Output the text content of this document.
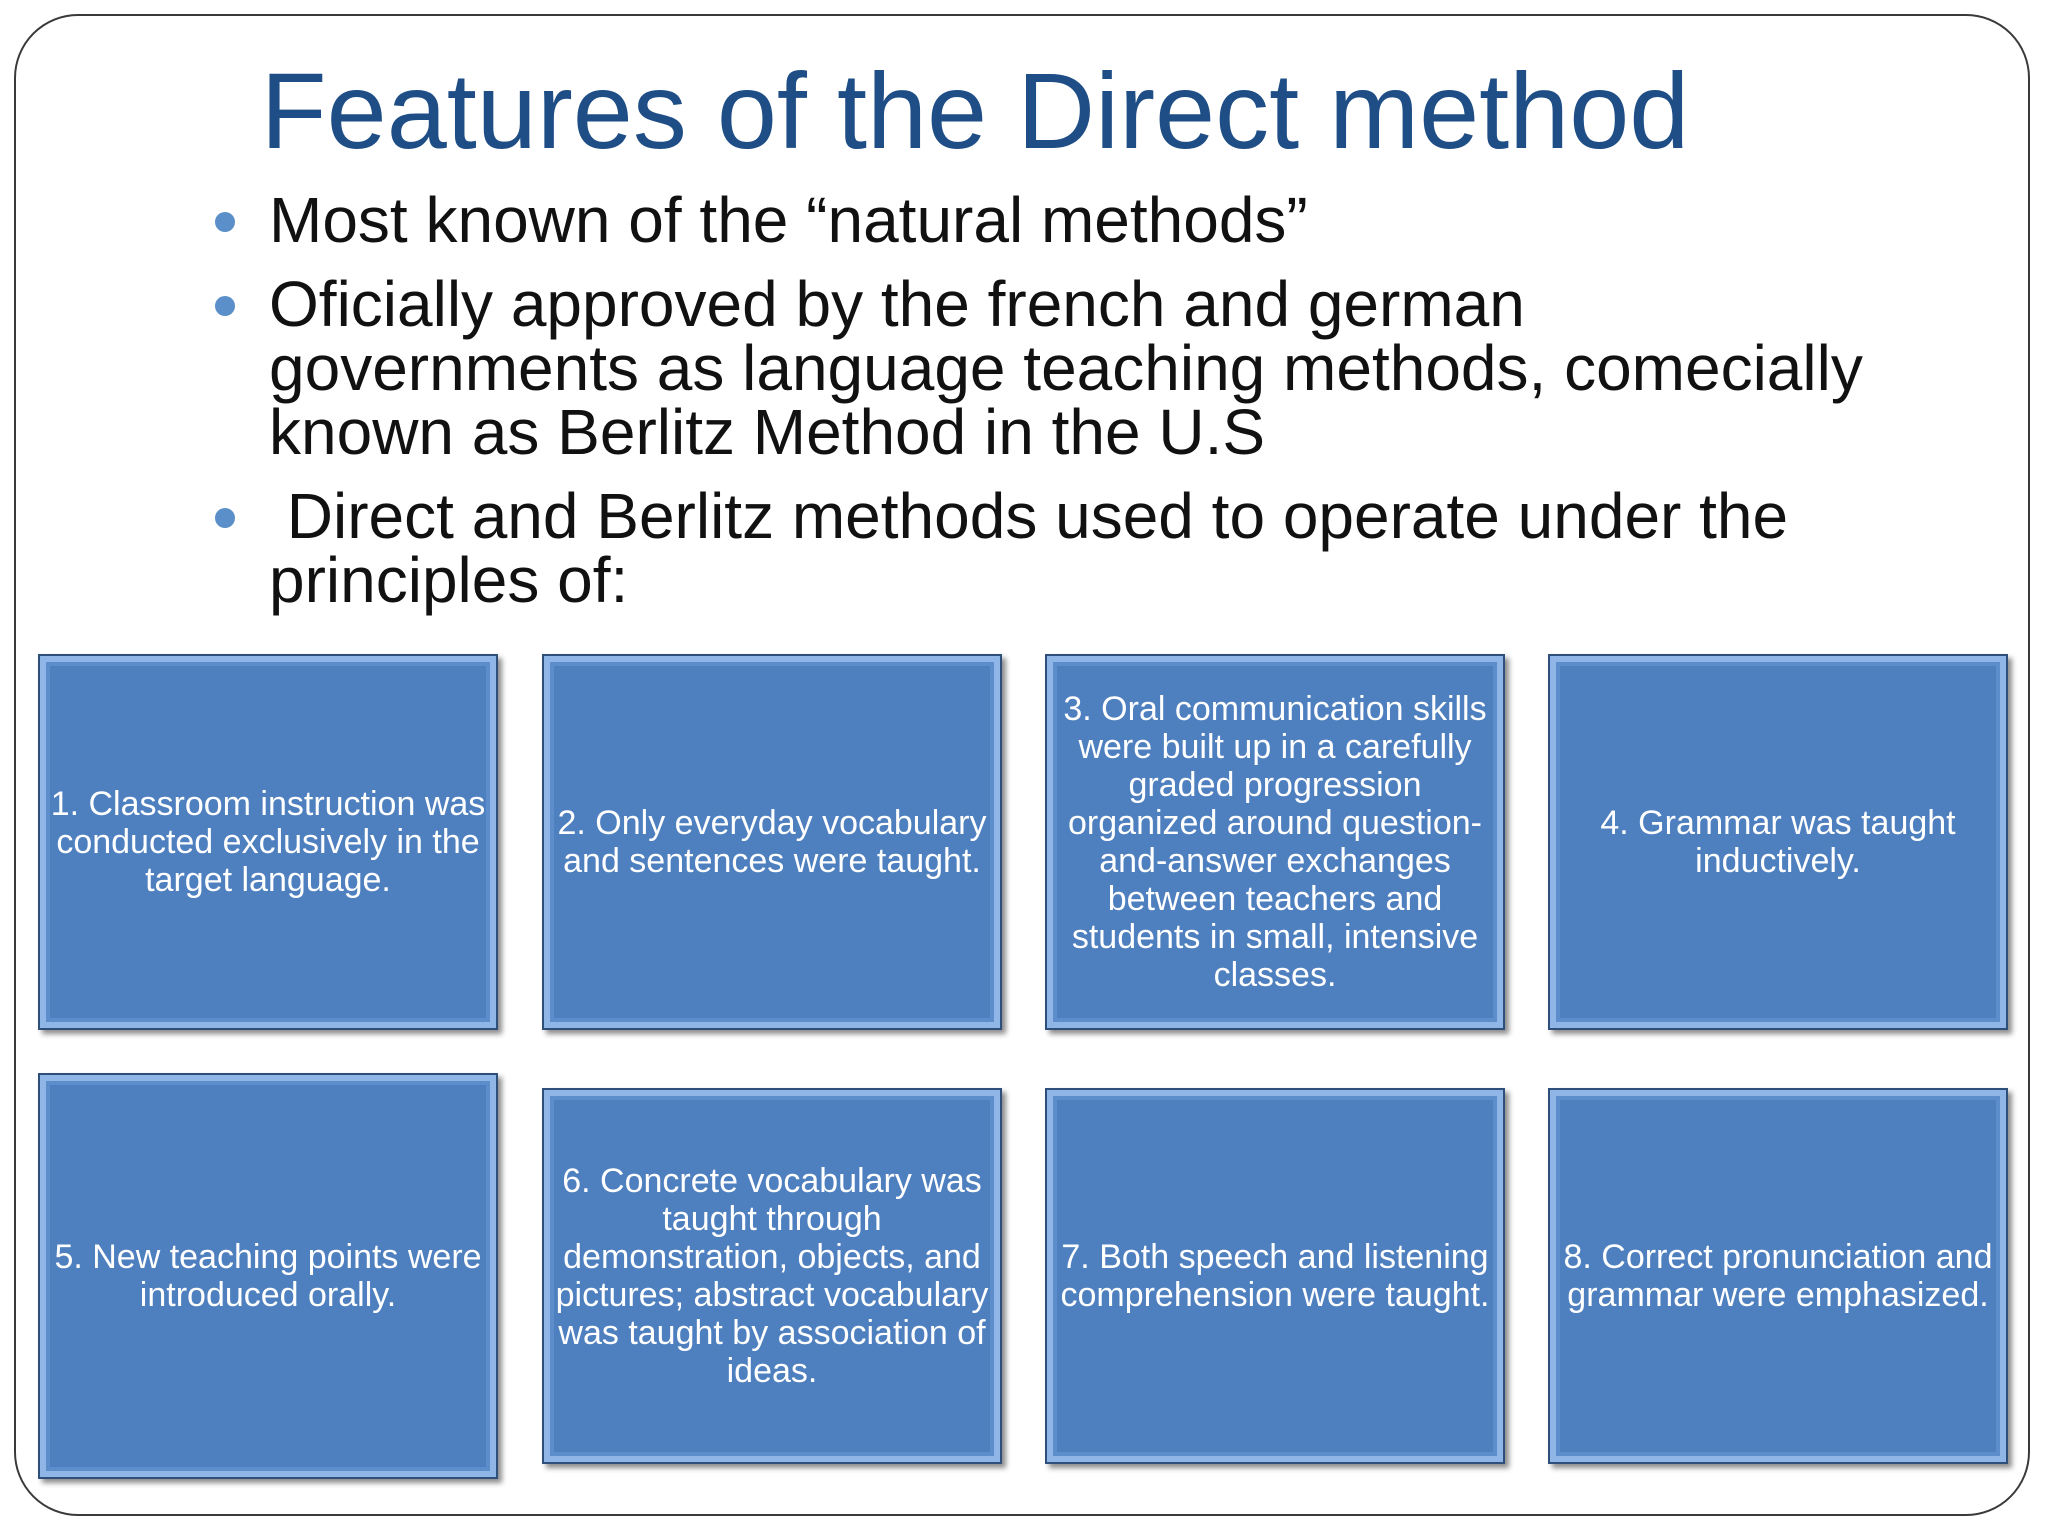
Features of the Direct method
Most known of the “natural methods”
Oficially approved by the french and german governments as language teaching methods, comecially known as Berlitz Method in the U.S
Direct and Berlitz methods used to operate under the principles of:
1. Classroom instruction was conducted exclusively in the target language.
2. Only everyday vocabulary and sentences were taught.
3. Oral communication skills were built up in a carefully graded progression organized around question-and-answer exchanges between teachers and students in small, intensive classes.
4. Grammar was taught inductively.
5. New teaching points were introduced orally.
6. Concrete vocabulary was taught through demonstration, objects, and pictures; abstract vocabulary was taught by association of ideas.
7. Both speech and listening comprehension were taught.
8. Correct pronunciation and grammar were emphasized.
